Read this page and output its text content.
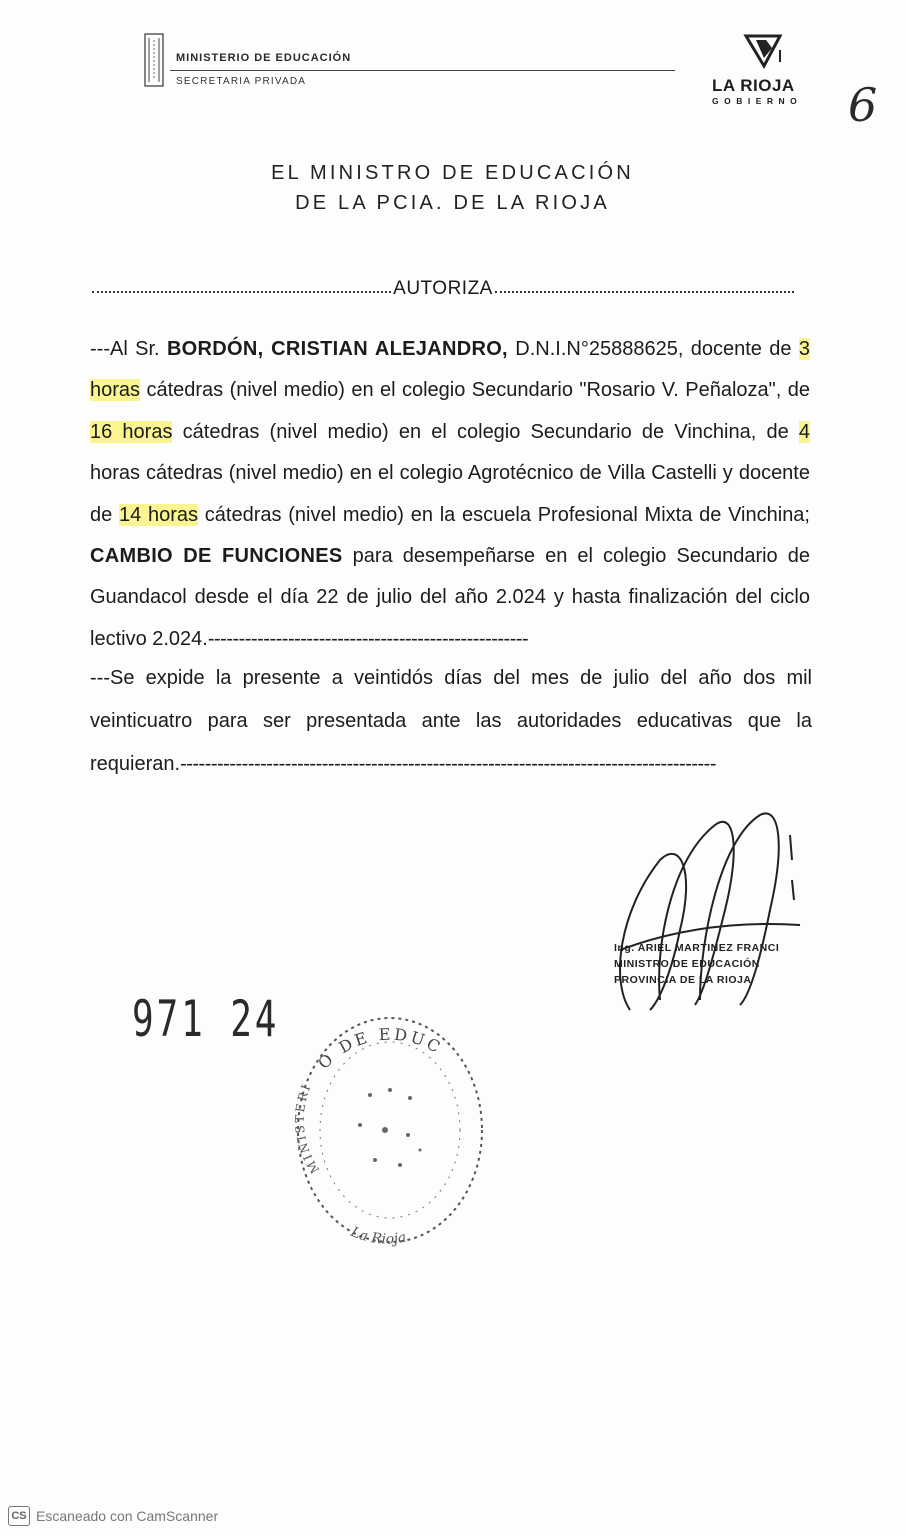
MINISTERIO DE EDUCACIÓN
SECRETARIA PRIVADA	LA RIOJA
GOBIERNO 6
EL MINISTRO DE EDUCACIÓN
DE LA PCIA. DE LA RIOJA
AUTORIZA
---Al Sr. BORDÓN, CRISTIAN ALEJANDRO, D.N.I.N°25888625, docente de 3 horas cátedras (nivel medio) en el colegio Secundario "Rosario V. Peñaloza", de 16 horas cátedras (nivel medio) en el colegio Secundario de Vinchina, de 4 horas cátedras (nivel medio) en el colegio Agrotécnico de Villa Castelli y docente de 14 horas cátedras (nivel medio) en la escuela Profesional Mixta de Vinchina; CAMBIO DE FUNCIONES para desempeñarse en el colegio Secundario de Guandacol desde el día 22 de julio del año 2.024 y hasta finalización del ciclo lectivo 2.024.----------------------------------------------------
---Se expide la presente a veintidós días del mes de julio del año dos mil veinticuatro para ser presentada ante las autoridades educativas que la requieran.---------------------------------------------------------------------------------------
Ing. ARIEL MARTINEZ FRANCI
MINISTRO DE EDUCACIÓN
PROVINCIA DE LA RIOJA
971 24
O DE EDUC
MINISTERI
La Rioja
CS Escaneado con CamScanner
